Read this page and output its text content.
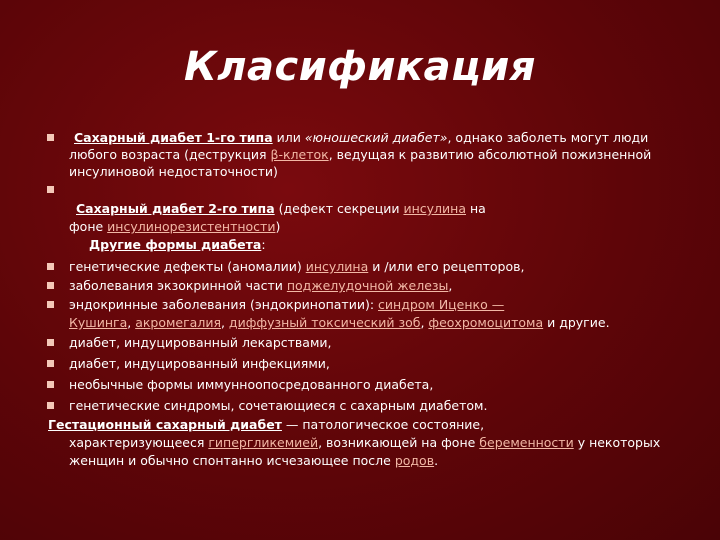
Класификация
Сахарный диабет 1-го типа или «юношеский диабет», однако заболеть могут люди
любого возраста (деструкция β-клеток, ведущая к развитию абсолютной пожизненной
инсулиновой недостаточности)
Сахарный диабет 2-го типа (дефект секреции инсулина на
фоне инсулинорезистентности)
Другие формы диабета:
генетические дефекты (аномалии) инсулина и /или его рецепторов,
заболевания экзокринной части поджелудочной железы,
эндокринные заболевания (эндокринопатии): синдром Иценко —
Кушинга, акромегалия, диффузный токсический зоб, феохромоцитома и другие.
диабет, индуцированный лекарствами,
диабет, индуцированный инфекциями,
необычные формы иммунноопосредованного диабета,
генетические синдромы, сочетающиеся с сахарным диабетом.
Гестационный сахарный диабет — патологическое состояние,
характеризующееся гипергликемией, возникающей на фоне беременности у некоторых
женщин и обычно спонтанно исчезающее после родов.
